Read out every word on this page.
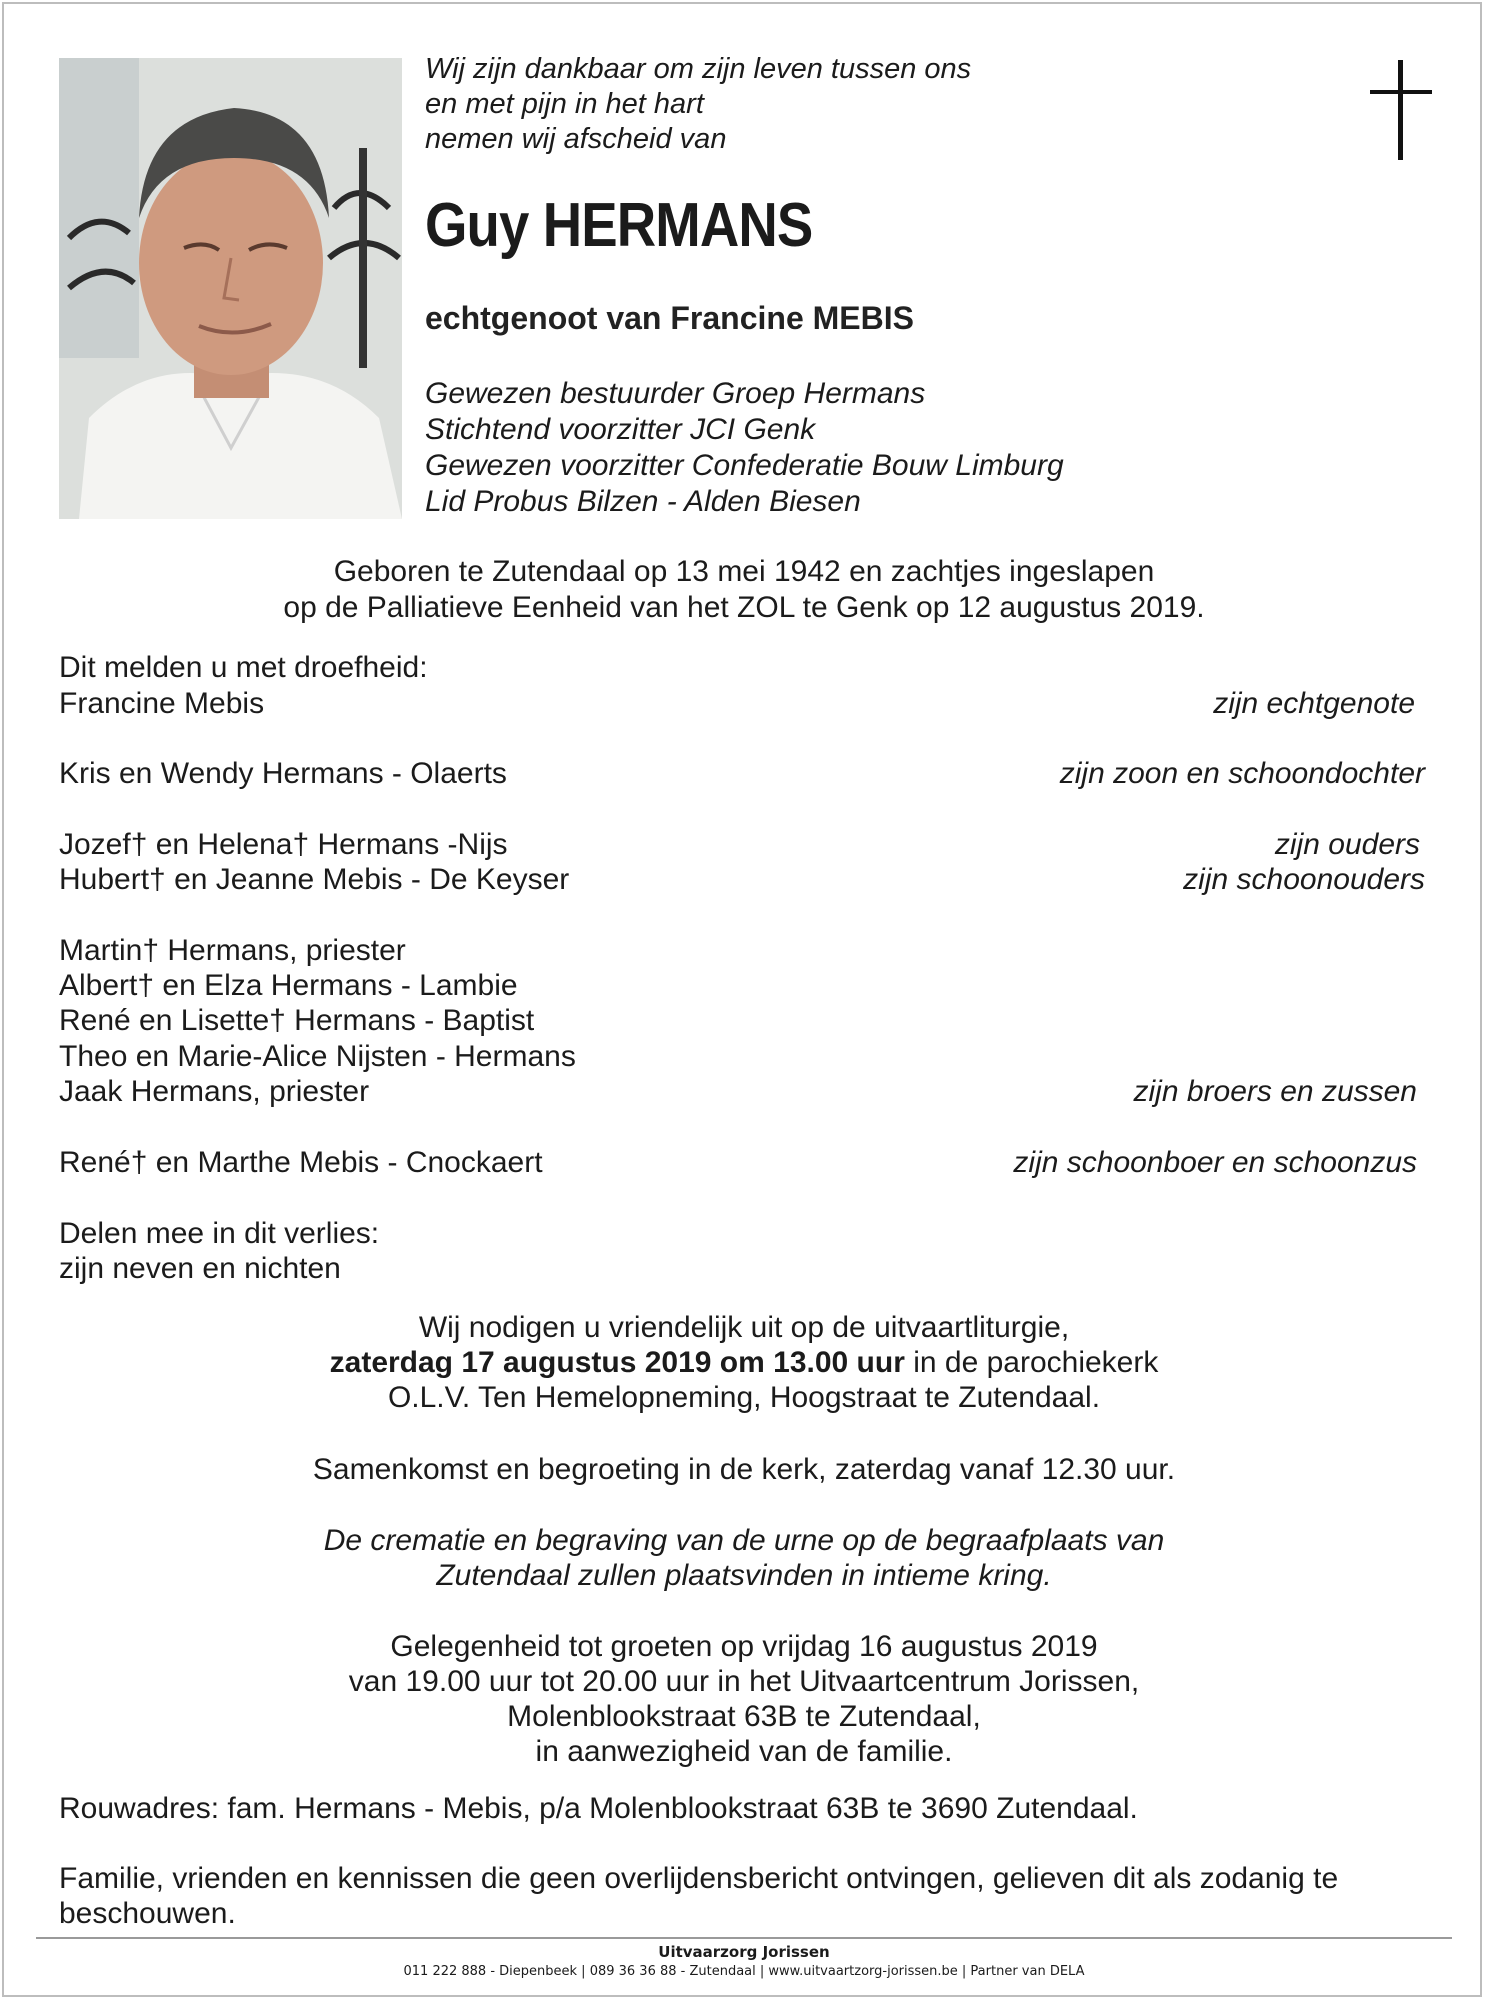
Wij zijn dankbaar om zijn leven tussen ons
en met pijn in het hart
nemen wij afscheid van
Guy HERMANS
echtgenoot van Francine MEBIS
Gewezen bestuurder Groep Hermans
Stichtend voorzitter JCI Genk
Gewezen voorzitter Confederatie Bouw Limburg
Lid Probus Bilzen - Alden Biesen
Geboren te Zutendaal op 13 mei 1942 en zachtjes ingeslapen
op de Palliatieve Eenheid van het ZOL te Genk op 12 augustus 2019.
Dit melden u met droefheid:
Francine Mebis	zijn echtgenote
Kris en Wendy Hermans - Olaerts	zijn zoon en schoondochter
Jozef† en Helena† Hermans -Nijs	zijn ouders
Hubert† en Jeanne Mebis - De Keyser	zijn schoonouders
Martin† Hermans, priester
Albert† en Elza Hermans - Lambie
René en Lisette† Hermans - Baptist
Theo en Marie-Alice Nijsten - Hermans
Jaak Hermans, priester	zijn broers en zussen
René† en Marthe Mebis - Cnockaert	zijn schoonboer en schoonzus
Delen mee in dit verlies:
zijn neven en nichten
Wij nodigen u vriendelijk uit op de uitvaartliturgie,
zaterdag 17 augustus 2019 om 13.00 uur in de parochiekerk
O.L.V. Ten Hemelopneming, Hoogstraat te Zutendaal.
Samenkomst en begroeting in de kerk, zaterdag vanaf 12.30 uur.
De crematie en begraving van de urne op de begraafplaats van
Zutendaal zullen plaatsvinden in intieme kring.
Gelegenheid tot groeten op vrijdag 16 augustus 2019
van 19.00 uur tot 20.00 uur in het Uitvaartcentrum Jorissen,
Molenblookstraat 63B te Zutendaal,
in aanwezigheid van de familie.
Rouwadres: fam. Hermans - Mebis, p/a Molenblookstraat 63B te 3690 Zutendaal.
Familie, vrienden en kennissen die geen overlijdensbericht ontvingen, gelieven dit als zodanig te
beschouwen.
Uitvaarzorg Jorissen
011 222 888 - Diepenbeek | 089 36 36 88 - Zutendaal | www.uitvaartzorg-jorissen.be | Partner van DELA
